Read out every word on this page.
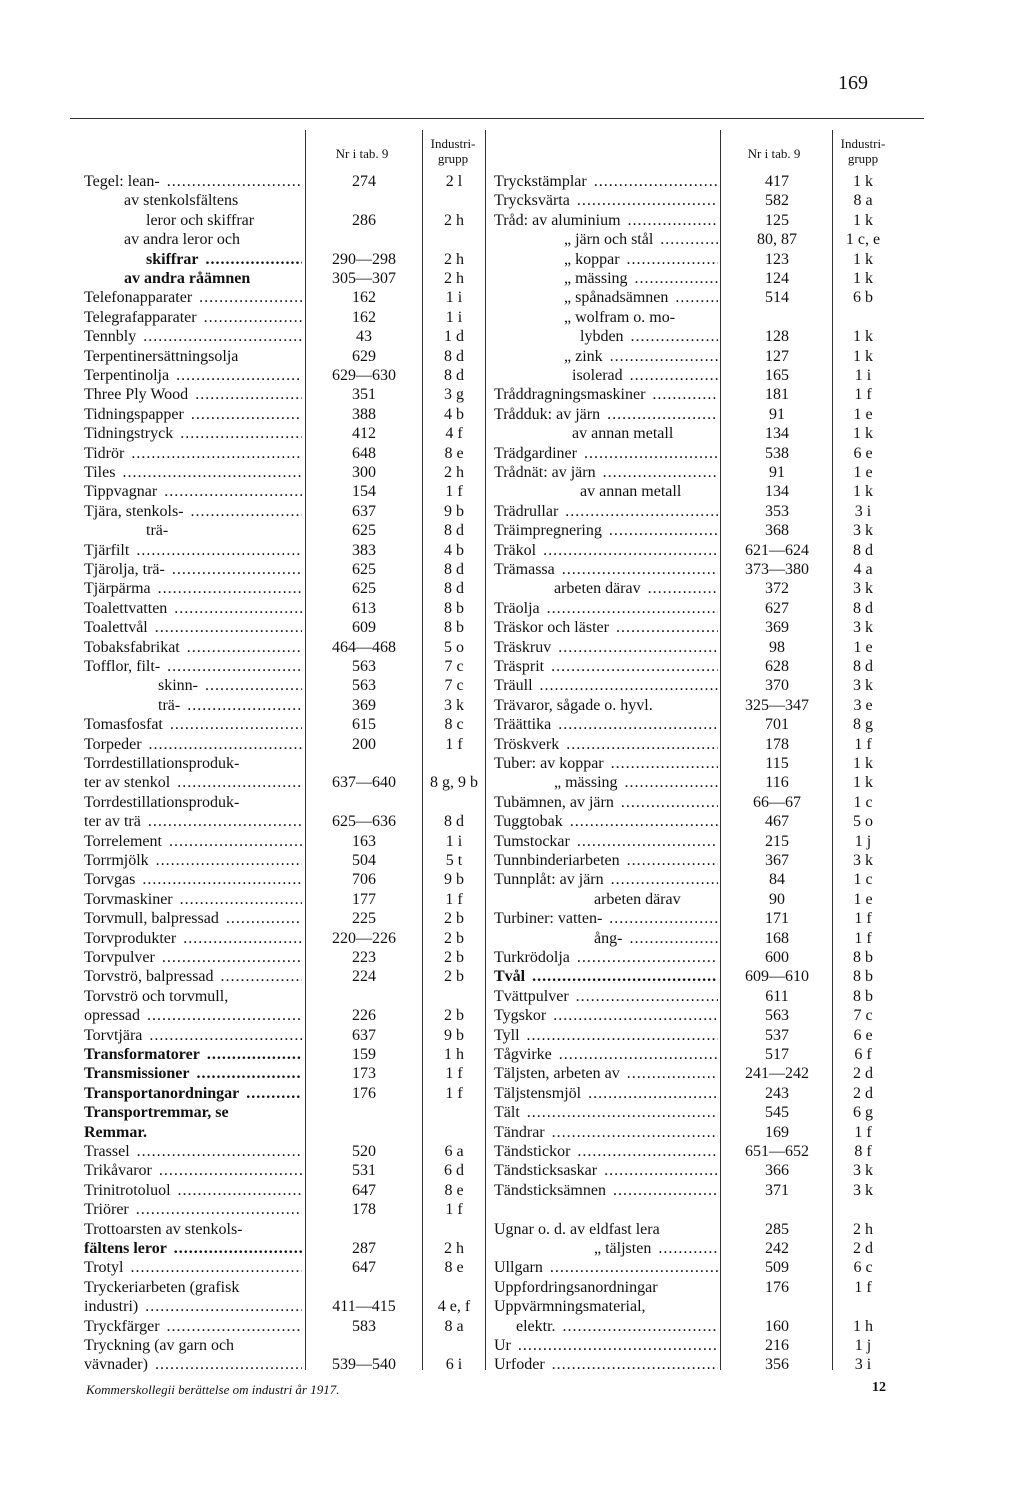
169
Nr i tab. 9
Industri-
grupp	Nr i tab. 9
Industri-
grupp
Tegel: lean- .....	274	2 l
av stenkolsfältens
leror och skiffrar	286	2 h
av andra leror och
skiffrar .....	290—298	2 h
av andra råämnen	305—307	2 h
Telefonapparater .....	162	1 i
Telegrafapparater .....	162	1 i
Tennbly .....	43	1 d
Terpentinersättningsolja	629	8 d
Terpentinolja .....	629—630	8 d
Three Ply Wood .....	351	3 g
Tidningspapper .....	388	4 b
Tidningstryck .....	412	4 f
Tidrör .....	648	8 e
Tiles .....	300	2 h
Tippvagnar .....	154	1 f
Tjära, stenkols- .....	637	9 b
trä-	625	8 d
Tjärfilt .....	383	4 b
Tjärolja, trä- .....	625	8 d
Tjärpärma .....	625	8 d
Toalettvatten .....	613	8 b
Toalettvål .....	609	8 b
Tobaksfabrikat .....	464—468	5 o
Tofflor, filt- .....	563	7 c
skinn- .....	563	7 c
trä- .....	369	3 k
Tomasfosfat .....	615	8 c
Torpeder .....	200	1 f
Torrdestillationsproduk-
ter av stenkol .....	637—640	8 g, 9 b
Torrdestillationsproduk-
ter av trä .....	625—636	8 d
Torrelement .....	163	1 i
Torrmjölk .....	504	5 t
Torvgas .....	706	9 b
Torvmaskiner .....	177	1 f
Torvmull, balpressad .....	225	2 b
Torvprodukter .....	220—226	2 b
Torvpulver .....	223	2 b
Torvströ, balpressad .....	224	2 b
Torvströ och torvmull,
opressad .....	226	2 b
Torvtjära .....	637	9 b
Transformatorer .....	159	1 h
Transmissioner .....	173	1 f
Transportanordningar .....	176	1 f
Transportremmar, se
Remmar.
Trassel .....	520	6 a
Trikåvaror .....	531	6 d
Trinitrotoluol .....	647	8 e
Triörer .....	178	1 f
Trottoarsten av stenkols-
fältens leror .....	287	2 h
Trotyl .....	647	8 e
Tryckeriarbeten (grafisk
industri) .....	411—415	4 e, f
Tryckfärger .....	583	8 a
Tryckning (av garn och
vävnader) .....	539—540	6 i
Tryckstämplar .....	417	1 k
Trycksvärta .....	582	8 a
Tråd: av aluminium .....	125	1 k
„ järn och stål .....	80, 87	1 c, e
„ koppar .....	123	1 k
„ mässing .....	124	1 k
„ spånadsämnen .....	514	6 b
„ wolfram o. mo-
lybden .....	128	1 k
„ zink .....	127	1 k
isolerad .....	165	1 i
Tråddragningsmaskiner .....	181	1 f
Trådduk: av järn .....	91	1 e
av annan metall	134	1 k
Trädgardiner .....	538	6 e
Trådnät: av järn .....	91	1 e
av annan metall	134	1 k
Trädrullar .....	353	3 i
Träimpregnering .....	368	3 k
Träkol .....	621—624	8 d
Trämassa .....	373—380	4 a
arbeten därav .....	372	3 k
Träolja .....	627	8 d
Träskor och läster .....	369	3 k
Träskruv .....	98	1 e
Träsprit .....	628	8 d
Träull .....	370	3 k
Trävaror, sågade o. hyvl.	325—347	3 e
Träättika .....	701	8 g
Tröskverk .....	178	1 f
Tuber: av koppar .....	115	1 k
„ mässing .....	116	1 k
Tubämnen, av järn .....	66—67	1 c
Tuggtobak .....	467	5 o
Tumstockar .....	215	1 j
Tunnbinderiarbeten .....	367	3 k
Tunnplåt: av järn .....	84	1 c
arbeten därav	90	1 e
Turbiner: vatten- .....	171	1 f
ång- .....	168	1 f
Turkrödolja .....	600	8 b
Tvål .....	609—610	8 b
Tvättpulver .....	611	8 b
Tygskor .....	563	7 c
Tyll .....	537	6 e
Tågvirke .....	517	6 f
Täljsten, arbeten av .....	241—242	2 d
Täljstensmjöl .....	243	2 d
Tält .....	545	6 g
Tändrar .....	169	1 f
Tändstickor .....	651—652	8 f
Tändsticksaskar .....	366	3 k
Tändsticksämnen .....	371	3 k
Ugnar o. d. av eldfast lera	285	2 h
„ täljsten .....	242	2 d
Ullgarn .....	509	6 c
Uppfordringsanordningar	176	1 f
Uppvärmningsmaterial,
elektr. .....	160	1 h
Ur .....	216	1 j
Urfoder .....	356	3 i
Kommerskollegii berättelse om industri år 1917.	12
